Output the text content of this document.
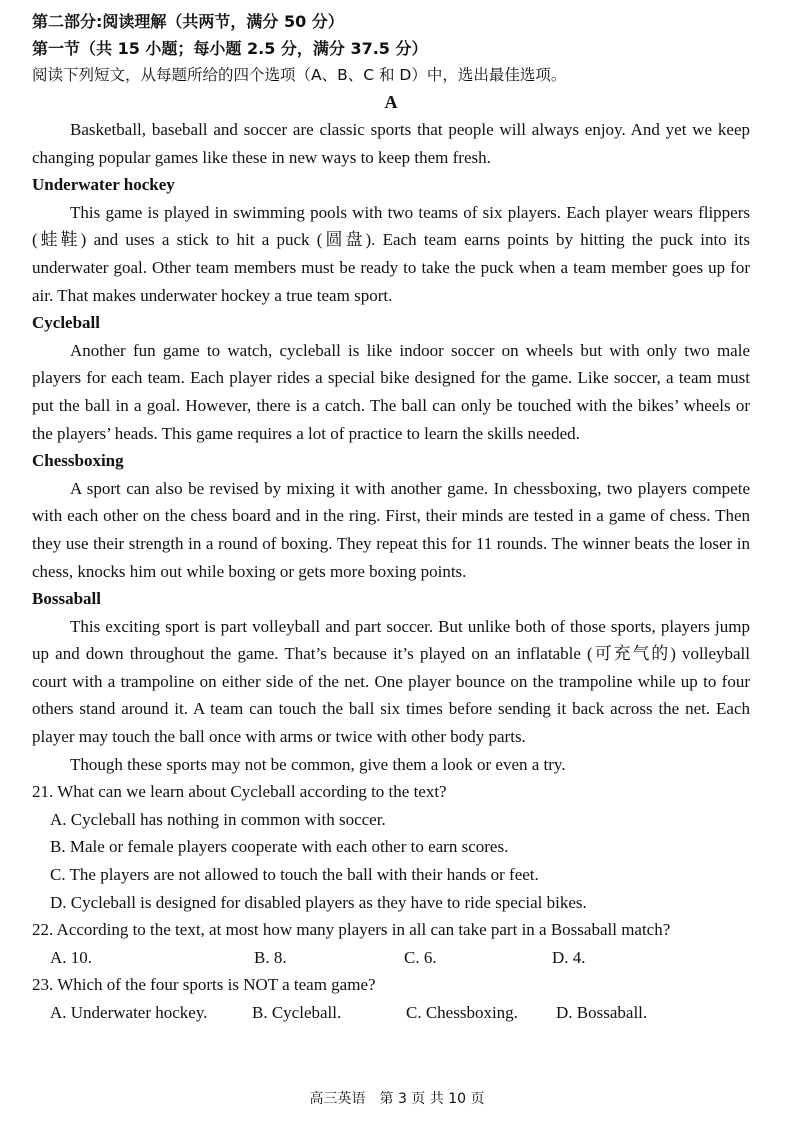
第二部分:阅读理解（共两节，满分 50 分）
第一节（共 15 小题；每小题 2.5 分，满分 37.5 分）
阅读下列短文，从每题所给的四个选项（A、B、C 和 D）中，选出最佳选项。
A

Basketball, baseball and soccer are classic sports that people will always enjoy. And yet we keep changing popular games like these in new ways to keep them fresh.

Underwater hockey

This game is played in swimming pools with two teams of six players. Each player wears flippers (蛙鞋) and uses a stick to hit a puck (圆盘). Each team earns points by hitting the puck into its underwater goal. Other team members must be ready to take the puck when a team member goes up for air. That makes underwater hockey a true team sport.

Cycleball

Another fun game to watch, cycleball is like indoor soccer on wheels but with only two male players for each team. Each player rides a special bike designed for the game. Like soccer, a team must put the ball in a goal. However, there is a catch. The ball can only be touched with the bikes’ wheels or the players’ heads. This game requires a lot of practice to learn the skills needed.

Chessboxing

A sport can also be revised by mixing it with another game. In chessboxing, two players compete with each other on the chess board and in the ring. First, their minds are tested in a game of chess. Then they use their strength in a round of boxing. They repeat this for 11 rounds. The winner beats the loser in chess, knocks him out while boxing or gets more boxing points.

Bossaball

This exciting sport is part volleyball and part soccer. But unlike both of those sports, players jump up and down throughout the game. That’s because it’s played on an inflatable (可充气的) volleyball court with a trampoline on either side of the net. One player bounce on the trampoline while up to four others stand around it. A team can touch the ball six times before sending it back across the net. Each player may touch the ball once with arms or twice with other body parts.

Though these sports may not be common, give them a look or even a try.

21. What can we learn about Cycleball according to the text?

A. Cycleball has nothing in common with soccer.

B. Male or female players cooperate with each other to earn scores.

C. The players are not allowed to touch the ball with their hands or feet.

D. Cycleball is designed for disabled players as they have to ride special bikes.

22. According to the text, at most how many players in all can take part in a Bossaball match?

A. 10.	B. 8.	C. 6.	D. 4.

23. Which of the four sports is NOT a team game?

A. Underwater hockey.	B. Cycleball.	C. Chessboxing.	D. Bossaball.
高三英语　第 3 页 共 10 页
